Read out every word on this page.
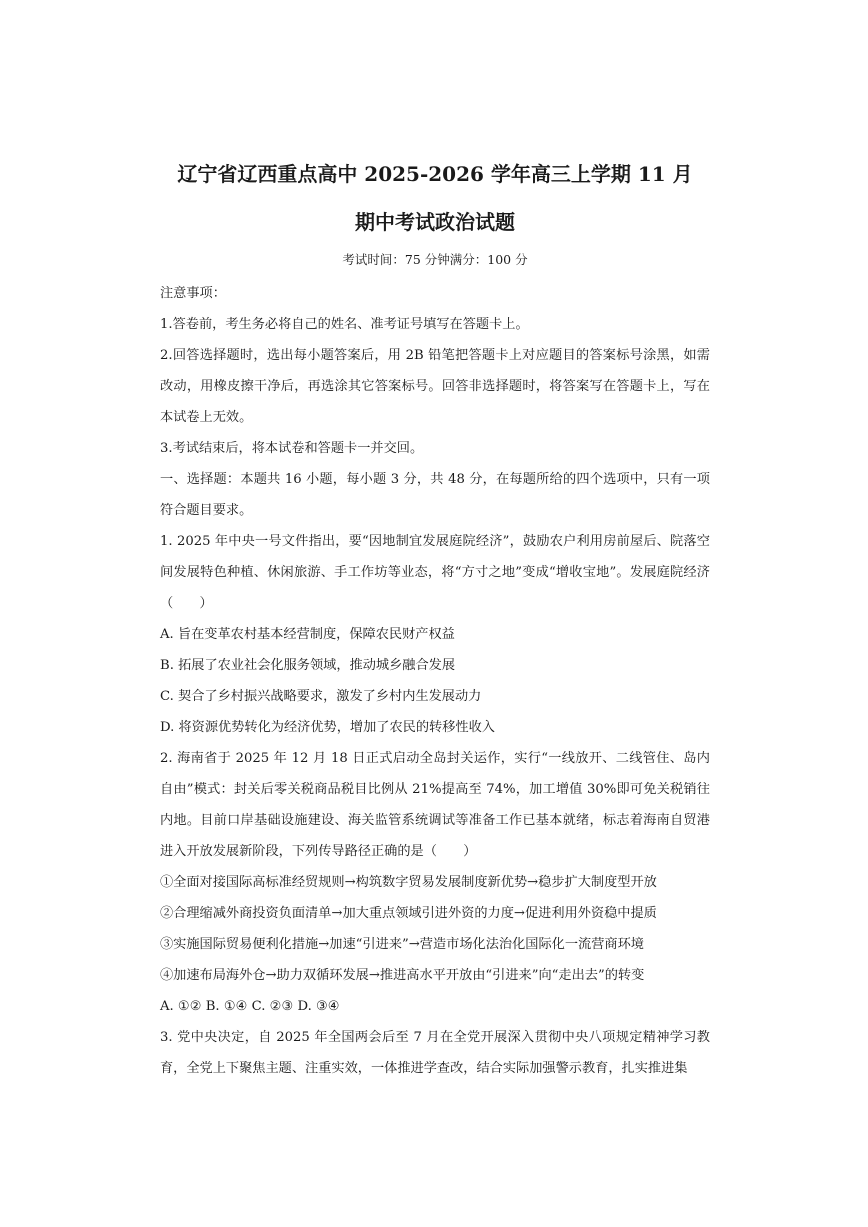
辽宁省辽西重点高中 2025-2026 学年高三上学期 11 月
期中考试政治试题
考试时间：75 分钟满分：100 分

注意事项：

1.答卷前，考生务必将自己的姓名、准考证号填写在答题卡上。

2.回答选择题时，选出每小题答案后，用 2B 铅笔把答题卡上对应题目的答案标号涂黑，如需改动，用橡皮擦干净后，再选涂其它答案标号。回答非选择题时，将答案写在答题卡上，写在本试卷上无效。

3.考试结束后，将本试卷和答题卡一并交回。

一、选择题：本题共 16 小题，每小题 3 分，共 48 分，在每题所给的四个选项中，只有一项符合题目要求。

1. 2025 年中央一号文件指出，要“因地制宜发展庭院经济”，鼓励农户利用房前屋后、院落空间发展特色种植、休闲旅游、手工作坊等业态，将“方寸之地”变成“增收宝地”。发展庭院经济（　　）

A. 旨在变革农村基本经营制度，保障农民财产权益

B. 拓展了农业社会化服务领域，推动城乡融合发展

C. 契合了乡村振兴战略要求，激发了乡村内生发展动力

D. 将资源优势转化为经济优势，增加了农民的转移性收入

2. 海南省于 2025 年 12 月 18 日正式启动全岛封关运作，实行“一线放开、二线管住、岛内自由”模式：封关后零关税商品税目比例从 21%提高至 74%，加工增值 30%即可免关税销往内地。目前口岸基础设施建设、海关监管系统调试等准备工作已基本就绪，标志着海南自贸港进入开放发展新阶段，下列传导路径正确的是（　　）

①全面对接国际高标准经贸规则→构筑数字贸易发展制度新优势→稳步扩大制度型开放

②合理缩减外商投资负面清单→加大重点领域引进外资的力度→促进利用外资稳中提质

③实施国际贸易便利化措施→加速“引进来”→营造市场化法治化国际化一流营商环境

④加速布局海外仓→助力双循环发展→推进高水平开放由“引进来”向“走出去”的转变

A. ①② B. ①④ C. ②③ D. ③④

3. 党中央决定，自 2025 年全国两会后至 7 月在全党开展深入贯彻中央八项规定精神学习教育，全党上下聚焦主题、注重实效，一体推进学查改，结合实际加强警示教育，扎实推进集
